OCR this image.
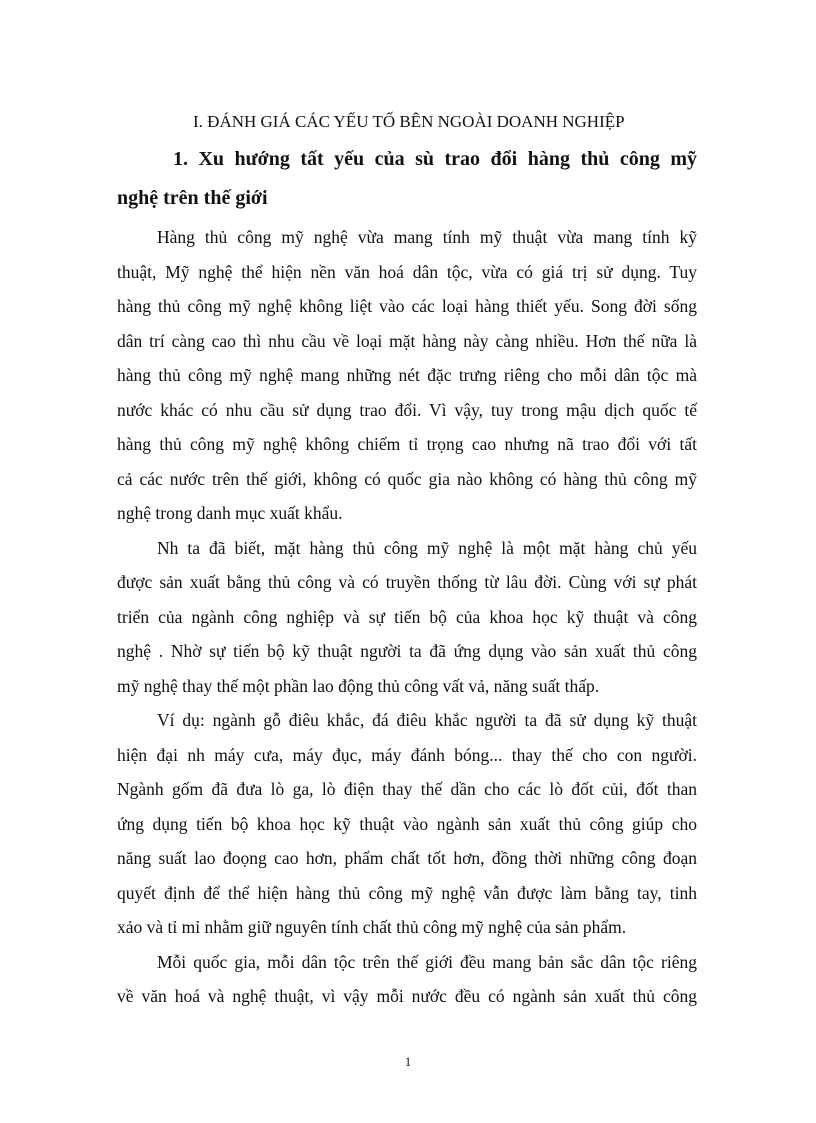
I. ĐÁNH GIÁ CÁC YẾU TỐ BÊN NGOÀI DOANH NGHIỆP
1. Xu hướng tất yếu của sù trao đổi hàng thủ công mỹ
nghệ trên thế giới
Hàng thủ công mỹ nghệ vừa mang tính mỹ thuật vừa mang tính kỹ
thuật, Mỹ nghệ thể hiện nền văn hoá dân tộc, vừa có giá trị sử dụng. Tuy
hàng thủ công mỹ nghệ không liệt vào các loại hàng thiết yếu. Song đời sống
dân trí càng cao thì nhu cầu về loại mặt hàng này càng nhiều. Hơn thế nữa là
hàng thủ công mỹ nghệ mang những nét đặc trưng riêng cho mỗi dân tộc mà
nước khác có nhu cầu sử dụng trao đổi. Vì vậy, tuy trong mậu dịch quốc tế
hàng thủ công mỹ nghệ không chiếm tỉ trọng cao nhưng nã trao đổi với tất
cả các nước trên thế giới, không có quốc gia nào không có hàng thủ công mỹ
nghệ trong danh mục xuất khẩu.
Nh ta đã biết, mặt hàng thủ công mỹ nghệ là một mặt hàng chủ yếu
được sản xuất bằng thủ công và có truyền thống từ lâu đời. Cùng với sự phát
triển của ngành công nghiệp và sự tiến bộ của khoa học kỹ thuật và công
nghệ . Nhờ sự tiến bộ kỹ thuật người ta đã ứng dụng vào sản xuất thủ công
mỹ nghệ thay thế một phần lao động thủ công vất vả, năng suất thấp.
Ví dụ: ngành gỗ điêu khắc, đá điêu khắc người ta đã sử dụng kỹ thuật
hiện đại nh máy cưa, máy đục, máy đánh bóng... thay thế cho con người.
Ngành gốm đã đưa lò ga, lò điện thay thế dần cho các lò đốt củi, đốt than
ứng dụng tiến bộ khoa học kỹ thuật vào ngành sản xuất thủ công giúp cho
năng suất lao đoọng cao hơn, phẩm chất tốt hơn, đồng thời những công đoạn
quyết định để thể hiện hàng thủ công mỹ nghệ vẫn được làm bằng tay, tinh
xảo và tỉ mỉ nhằm giữ nguyên tính chất thủ công mỹ nghệ của sản phẩm.
Mỗi quốc gia, mỗi dân tộc trên thế giới đều mang bản sắc dân tộc riêng
về văn hoá và nghệ thuật, vì vậy mỗi nước đều có ngành sản xuất thủ công
1
